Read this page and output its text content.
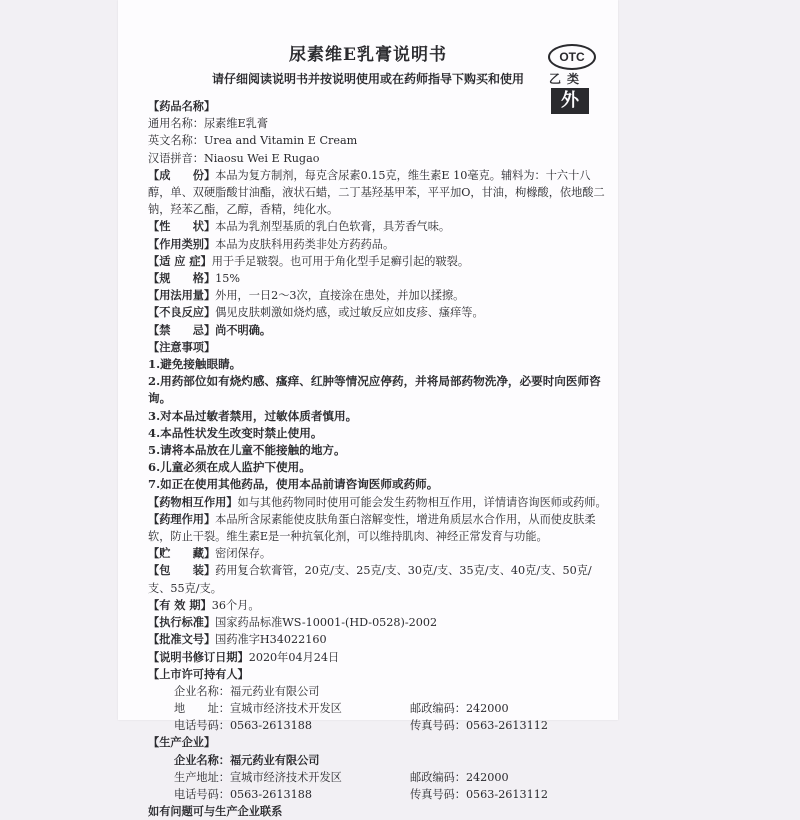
尿素维E乳膏说明书
请仔细阅读说明书并按说明使用或在药师指导下购买和使用
OTC
乙类
外
【药品名称】
通用名称：尿素维E乳膏
英文名称：Urea and Vitamin E Cream
汉语拼音：Niaosu Wei E Rugao
【成　　份】本品为复方制剂，每克含尿素0.15克，维生素E 10毫克。辅料为：十六十八醇，单、双硬脂酸甘油酯，液状石蜡，二丁基羟基甲苯，平平加O，甘油，枸橼酸，依地酸二钠，羟苯乙酯，乙醇，香精，纯化水。
【性　　状】本品为乳剂型基质的乳白色软膏，具芳香气味。
【作用类别】本品为皮肤科用药类非处方药药品。
【适 应 症】用于手足皲裂。也可用于角化型手足癣引起的皲裂。
【规　　格】15%
【用法用量】外用，一日2～3次，直接涂在患处，并加以揉擦。
【不良反应】偶见皮肤刺激如烧灼感，或过敏反应如皮疹、瘙痒等。
【禁　　忌】尚不明确。
【注意事项】
1.避免接触眼睛。
2.用药部位如有烧灼感、瘙痒、红肿等情况应停药，并将局部药物洗净，必要时向医师咨询。
3.对本品过敏者禁用，过敏体质者慎用。
4.本品性状发生改变时禁止使用。
5.请将本品放在儿童不能接触的地方。
6.儿童必须在成人监护下使用。
7.如正在使用其他药品，使用本品前请咨询医师或药师。
【药物相互作用】如与其他药物同时使用可能会发生药物相互作用，详情请咨询医师或药师。
【药理作用】本品所含尿素能使皮肤角蛋白溶解变性，增进角质层水合作用，从而使皮肤柔软，防止干裂。维生素E是一种抗氧化剂，可以维持肌肉、神经正常发育与功能。
【贮　　藏】密闭保存。
【包　　装】药用复合软膏管，20克/支、25克/支、30克/支、35克/支、40克/支、50克/支、55克/支。
【有 效 期】36个月。
【执行标准】国家药品标准WS-10001-(HD-0528)-2002
【批准文号】国药准字H34022160
【说明书修订日期】2020年04月24日
【上市许可持有人】
企业名称：福元药业有限公司
地　　址：宣城市经济技术开发区	邮政编码：242000
电话号码：0563-2613188	传真号码：0563-2613112
【生产企业】
企业名称：福元药业有限公司
生产地址：宣城市经济技术开发区	邮政编码：242000
电话号码：0563-2613188	传真号码：0563-2613112
如有问题可与生产企业联系
